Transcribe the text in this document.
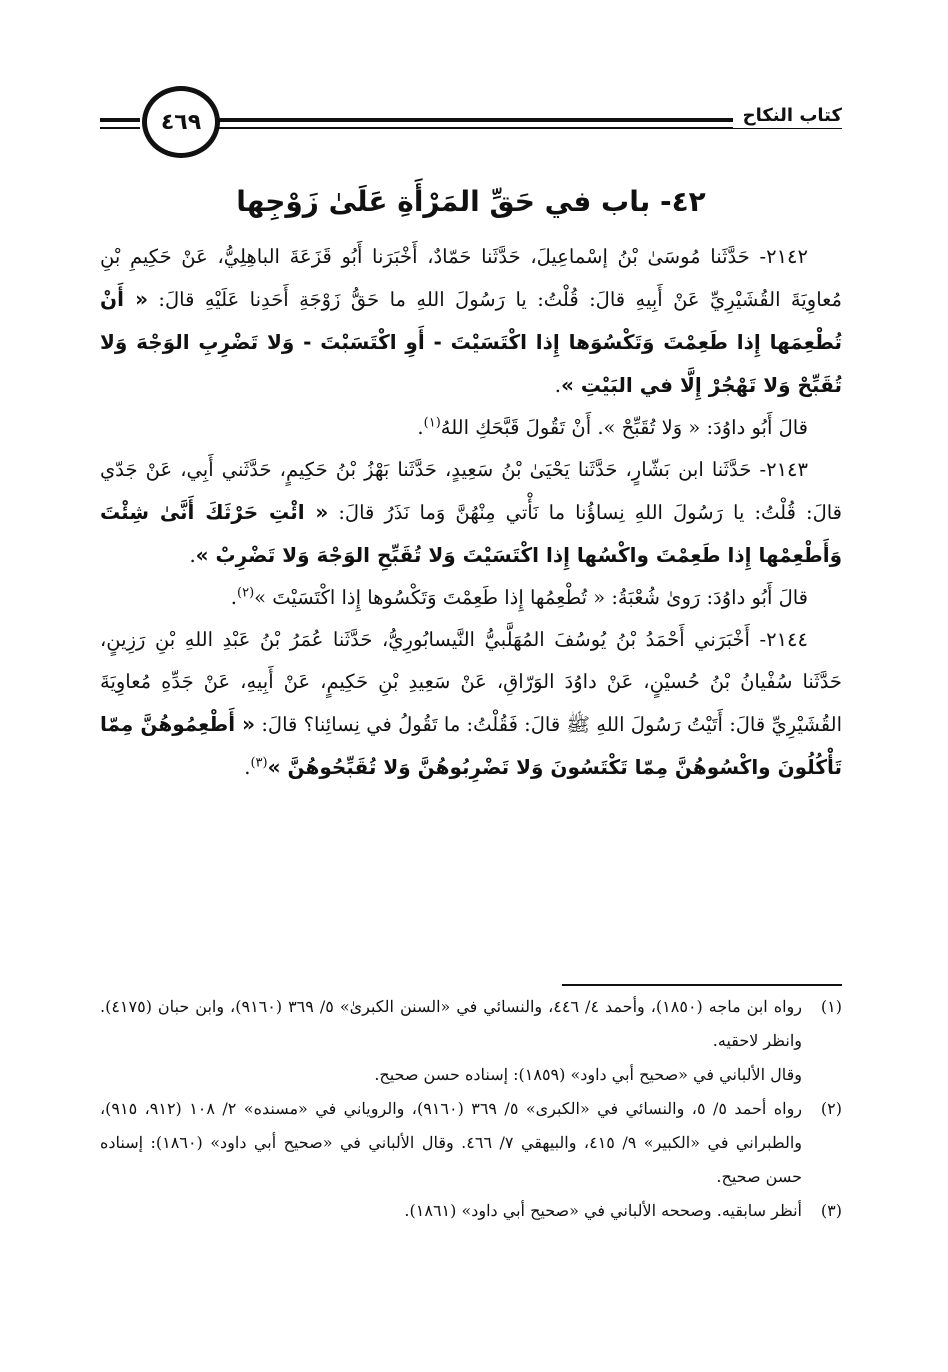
كتاب النكاح
٤٦٩
٤٢- باب في حَقِّ المَرْأَةِ عَلَىٰ زَوْجِها

٢١٤٢- حَدَّثَنا مُوسَىٰ بْنُ إسْماعِيلَ، حَدَّثَنا حَمّادٌ، أَخْبَرَنا أَبُو قَزَعَةَ الباهِلِيُّ، عَنْ حَكِيمِ بْنِ مُعاوِيَةَ القُشَيْرِيِّ عَنْ أَبِيهِ قالَ: قُلْتُ: يا رَسُولَ اللهِ ما حَقُّ زَوْجَةِ أَحَدِنا عَلَيْهِ قالَ: « أَنْ تُطْعِمَها إِذا طَعِمْتَ وَتَكْسُوَها إِذا اكْتَسَيْتَ - أَوِ اكْتَسَبْتَ - وَلا تَضْرِبِ الوَجْهَ وَلا تُقَبِّحْ وَلا تَهْجُرْ إِلَّا في البَيْتِ ».

قالَ أَبُو داوُدَ: « وَلا تُقَبِّحْ ». أَنْ تَقُولَ قَبَّحَكِ اللهُ$^{(١)}$.

٢١٤٣- حَدَّثَنا ابن بَشّارٍ، حَدَّثَنا يَحْيَىٰ بْنُ سَعِيدٍ، حَدَّثَنا بَهْزُ بْنُ حَكِيمٍ، حَدَّثَني أَبِي، عَنْ جَدّي قالَ: قُلْتُ: يا رَسُولَ اللهِ نِساؤُنا ما نَأْتي مِنْهُنَّ وَما نَذَرُ قالَ: « ائْتِ حَرْثَكَ أَنَّىٰ شِئْتَ وَأَطْعِمْها إِذا طَعِمْتَ واكْسُها إِذا اكْتَسَيْتَ وَلا تُقَبِّحِ الوَجْهَ وَلا تَضْرِبْ ».

قالَ أَبُو داوُدَ: رَوىٰ شُعْبَةُ: « تُطْعِمُها إِذا طَعِمْتَ وَتَكْسُوها إِذا اكْتَسَيْتَ »$^{(٢)}$.

٢١٤٤- أَخْبَرَني أَحْمَدُ بْنُ يُوسُفَ المُهَلَّبيُّ النَّيسابُورِيُّ، حَدَّثَنا عُمَرُ بْنُ عَبْدِ اللهِ بْنِ رَزِينٍ، حَدَّثَنا سُفْيانُ بْنُ حُسيْنٍ، عَنْ داوُدَ الوَرّاقِ، عَنْ سَعِيدِ بْنِ حَكِيمٍ، عَنْ أَبِيهِ، عَنْ جَدِّهِ مُعاوِيَةَ القُشَيْرِيِّ قالَ: أَتَيْتُ رَسُولَ اللهِ ﷺ قالَ: فَقُلْتُ: ما تَقُولُ في نِسائِنا؟ قالَ: « أَطْعِمُوهُنَّ مِمّا تَأْكُلُونَ واكْسُوهُنَّ مِمّا تَكْتَسُونَ وَلا تَضْرِبُوهُنَّ وَلا تُقَبِّحُوهُنَّ »$^{(٣)}$.

(١)
رواه ابن ماجه (١٨٥٠)، وأحمد ٤/ ٤٤٦، والنسائي في «السنن الكبرىٰ» ٥/ ٣٦٩ (٩١٦٠)، وابن حبان (٤١٧٥). وانظر لاحقيه.
وقال الألباني في «صحيح أبي داود» (١٨٥٩): إسناده حسن صحيح.
(٢)
رواه أحمد ٥/ ٥، والنسائي في «الكبرى» ٥/ ٣٦٩ (٩١٦٠)، والروياني في «مسنده» ٢/ ١٠٨ (٩١٢، ٩١٥)، والطبراني في «الكبير» ٩/ ٤١٥، والبيهقي ٧/ ٤٦٦. وقال الألباني في «صحيح أبي داود» (١٨٦٠): إسناده حسن صحيح.
(٣)
أنظر سابقيه. وصححه الألباني في «صحيح أبي داود» (١٨٦١).
